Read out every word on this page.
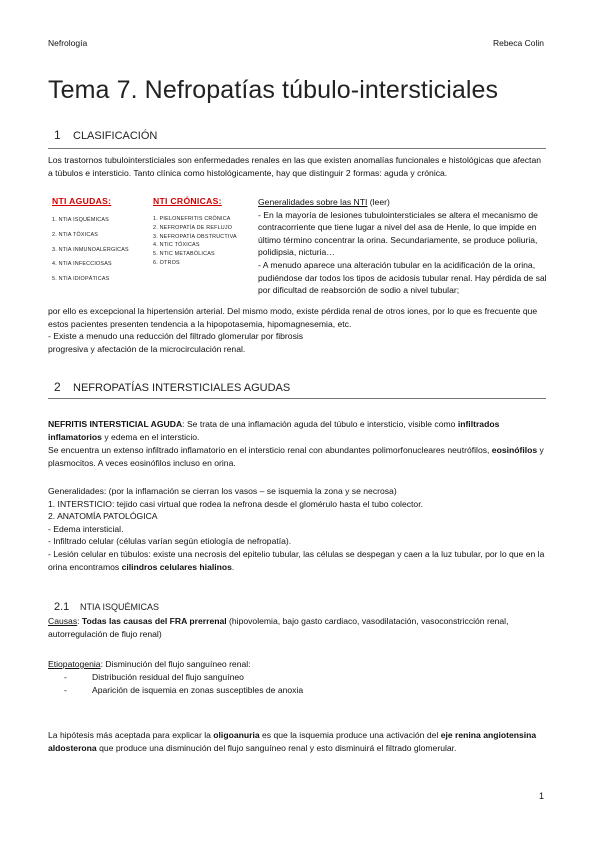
Nefrología	Rebeca Colin
Tema 7. Nefropatías túbulo-intersticiales
1 CLASIFICACIÓN
Los trastornos tubulointersticiales son enfermedades renales en las que existen anomalías funcionales e histológicas que afectan a túbulos e intersticio. Tanto clínica como histológicamente, hay que distinguir 2 formas: aguda y crónica.
NTI AGUDAS:
1. NTIA ISQUÉMICAS
2. NTIA TÓXICAS
3. NTIA INMUNOALÉRGICAS
4. NTIA INFECCIOSAS
5. NTIA IDIOPÁTICAS
NTI CRÓNICAS:
1. PIELONEFRITIS CRÓNICA
2. NEFROPATÍA DE REFLUJO
3. NEFROPATÍA OBSTRUCTIVA
4. NTIC TÓXICAS
5. NTIC METABÓLICAS
6. OTROS
Generalidades sobre las NTI (leer)
- En la mayoría de lesiones tubulointersticiales se altera el mecanismo de contracorriente que tiene lugar a nivel del asa de Henle, lo que impide en último término concentrar la orina. Secundariamente, se produce poliuria, polidipsia, nicturia…
- A menudo aparece una alteración tubular en la acidificación de la orina, pudiéndose dar todos los tipos de acidosis tubular renal. Hay pérdida de sal por dificultad de reabsorción de sodio a nivel tubular;
por ello es excepcional la hipertensión arterial. Del mismo modo, existe pérdida renal de otros iones, por lo que es frecuente que estos pacientes presenten tendencia a la hipopotasemia, hipomagnesemia, etc.
- Existe a menudo una reducción del filtrado glomerular por fibrosis
progresiva y afectación de la microcirculación renal.
2 NEFROPATÍAS INTERSTICIALES AGUDAS
NEFRITIS INTERSTICIAL AGUDA: Se trata de una inflamación aguda del túbulo e intersticio, visible como infiltrados inflamatorios y edema en el intersticio.
Se encuentra un extenso infiltrado inflamatorio en el intersticio renal con abundantes polimorfonucleares neutrófilos, eosinófilos y plasmocitos. A veces eosinófilos incluso en orina.
Generalidades: (por la inflamación se cierran los vasos – se isquemia la zona y se necrosa)
1. INTERSTICIO: tejido casi virtual que rodea la nefrona desde el glomérulo hasta el tubo colector.
2. ANATOMÍA PATOLÓGICA
- Edema intersticial.
- Infiltrado celular (células varían según etiología de nefropatía).
- Lesión celular en túbulos: existe una necrosis del epitelio tubular, las células se despegan y caen a la luz tubular, por lo que en la orina encontramos cilindros celulares hialinos.
2.1 NTIA ISQUÉMICAS
Causas: Todas las causas del FRA prerrenal (hipovolemia, bajo gasto cardiaco, vasodilatación, vasoconstricción renal, autorregulación de flujo renal)
Etiopatogenia: Disminución del flujo sanguíneo renal:
- Distribución residual del flujo sanguíneo
- Aparición de isquemia en zonas susceptibles de anoxia
La hipótesis más aceptada para explicar la oligoanuria es que la isquemia produce una activación del eje renina angiotensina aldosterona que produce una disminución del flujo sanguíneo renal y esto disminuirá el filtrado glomerular.
1
